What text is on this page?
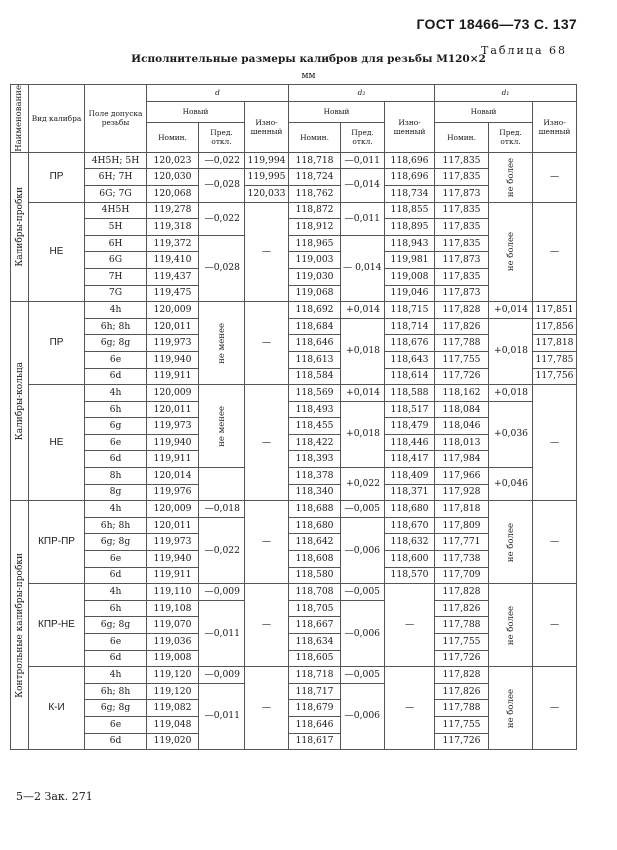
ГОСТ 18466—73 С. 137
Таблица 68
Исполнительные размеры калибров для резьбы М120×2
мм
Наименование	Вид калибра	Поле допуска резьбы	d			d₂			d₁		
			Новый		Изно-шенный	Новый		Изно-шенный	Новый		Изно-шенный
			Номин.	Пред. откл.		Номин.	Пред. откл.		Номин.	Пред. откл.	

Калибры-пробки	ПР	4Н5Н; 5Н	120,023	—0,022	119,994	118,718	—0,011	118,696	117,835	не более	—
		6Н; 7Н	120,030	—0,028	119,995	118,724	—0,014	118,696	117,835		
		6G; 7G	120,068		120,033	118,762		118,734	117,873		
	НЕ	4Н5Н	119,278	—0,022	—	118,872	—0,011	118,855	117,835	не более	—
		5Н	119,318			118,912		118,895	117,835		
		6Н	119,372	—0,028		118,965	— 0,014	118,943	117,835		
		6G	119,410			119,003		119,981	117,873		
		7Н	119,437			119,030		119,008	117,835		
		7G	119,475			119,068		119,046	117,873		

Калибры-кольца	ПР	4h	120,009	не менее	—	118,692	+0,014	118,715	117,828	+0,014	117,851
		6h; 8h	120,011			118,684	+0,018	118,714	117,826	+0,018	117,856
		6g; 8g	119,973			118,646		118,676	117,788		117,818
		6e	119,940			118,613		118,643	117,755		117,785
		6d	119,911			118,584		118,614	117,726		117,756
	НЕ	4h	120,009	не менее	—	118,569	+0,014	118,588	118,162	+0,018	—
		6h	120,011			118,493	+0,018	118,517	118,084	+0,036	
		6g	119,973			118,455		118,479	118,046		
		6e	119,940			118,422		118,446	118,013		
		6d	119,911			118,393		118,417	117,984		
		8h	120,014			118,378	+0,022	118,409	117,966	+0,046	
		8g	119,976			118,340		118,371	117,928		

Контрольные калибры-пробки	КПР-ПР	4h	120,009	—0,018	—	118,688	—0,005	118,680	117,818	не более	—
		6h; 8h	120,011	—0,022		118,680	—0,006	118,670	117,809		
		6g; 8g	119,973			118,642		118,632	117,771		
		6e	119,940			118,608		118,600	117,738		
		6d	119,911			118,580		118,570	117,709		
	КПР-НЕ	4h	119,110	—0,009	—	118,708	—0,005	—	117,828	не более	—
		6h	119,108	—0,011		118,705	—0,006		117,826		
		6g; 8g	119,070			118,667			117,788		
		6e	119,036			118,634			117,755		
		6d	119,008			118,605			117,726		
	К-И	4h	119,120	—0,009	—	118,718	—0,005	—	117,828	не более	—
		6h; 8h	119,120	—0,011		118,717	—0,006		117,826		
		6g; 8g	119,082			118,679			117,788		
		6e	119,048			118,646			117,755		
		6d	119,020			118,617			117,726		
5—2 Зак. 271
